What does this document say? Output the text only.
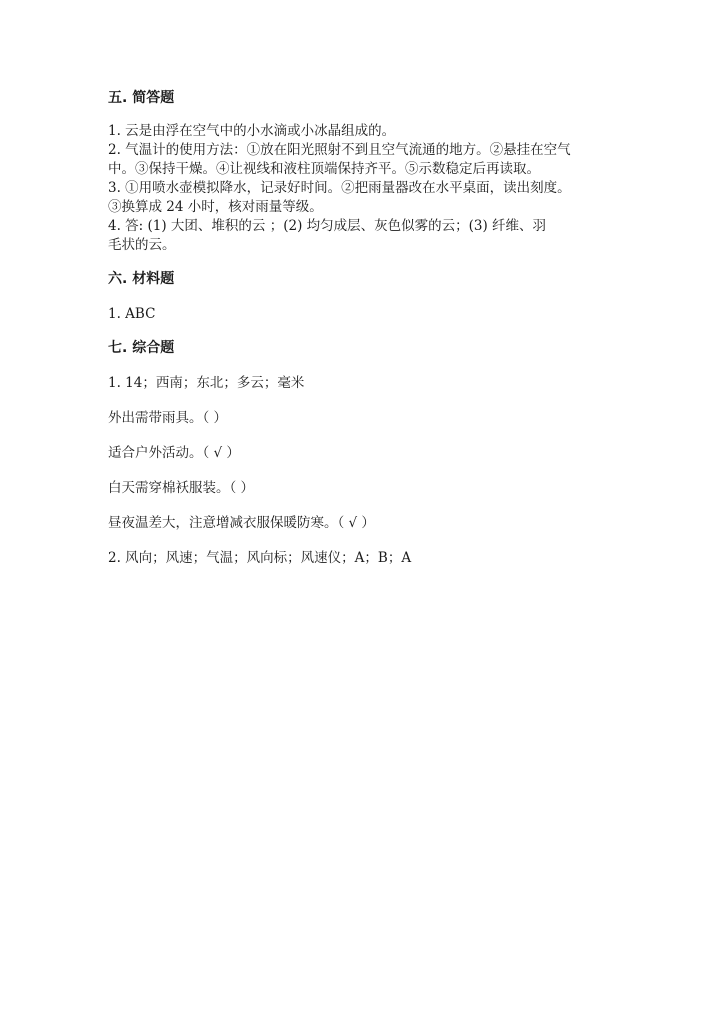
五. 简答题

1. 云是由浮在空气中的小水滴或小冰晶组成的。

2. 气温计的使用方法：①放在阳光照射不到且空气流通的地方。②悬挂在空气

中。③保持干燥。④让视线和液柱顶端保持齐平。⑤示数稳定后再读取。

3. ①用喷水壶模拟降水，记录好时间。②把雨量器改在水平桌面，读出刻度。

③换算成 24 小时，核对雨量等级。

4. 答: (1) 大团、堆积的云 ；(2) 均匀成层、灰色似雾的云；(3) 纤维、羽

毛状的云。

六. 材料题

1. ABC

七. 综合题

1. 14；西南；东北；多云；毫米

外出需带雨具。（ ）

适合户外活动。（ √ ）

白天需穿棉袄服装。（ ）

昼夜温差大，注意增减衣服保暖防寒。（ √ ）

2. 风向；风速；气温；风向标；风速仪；A；B；A
